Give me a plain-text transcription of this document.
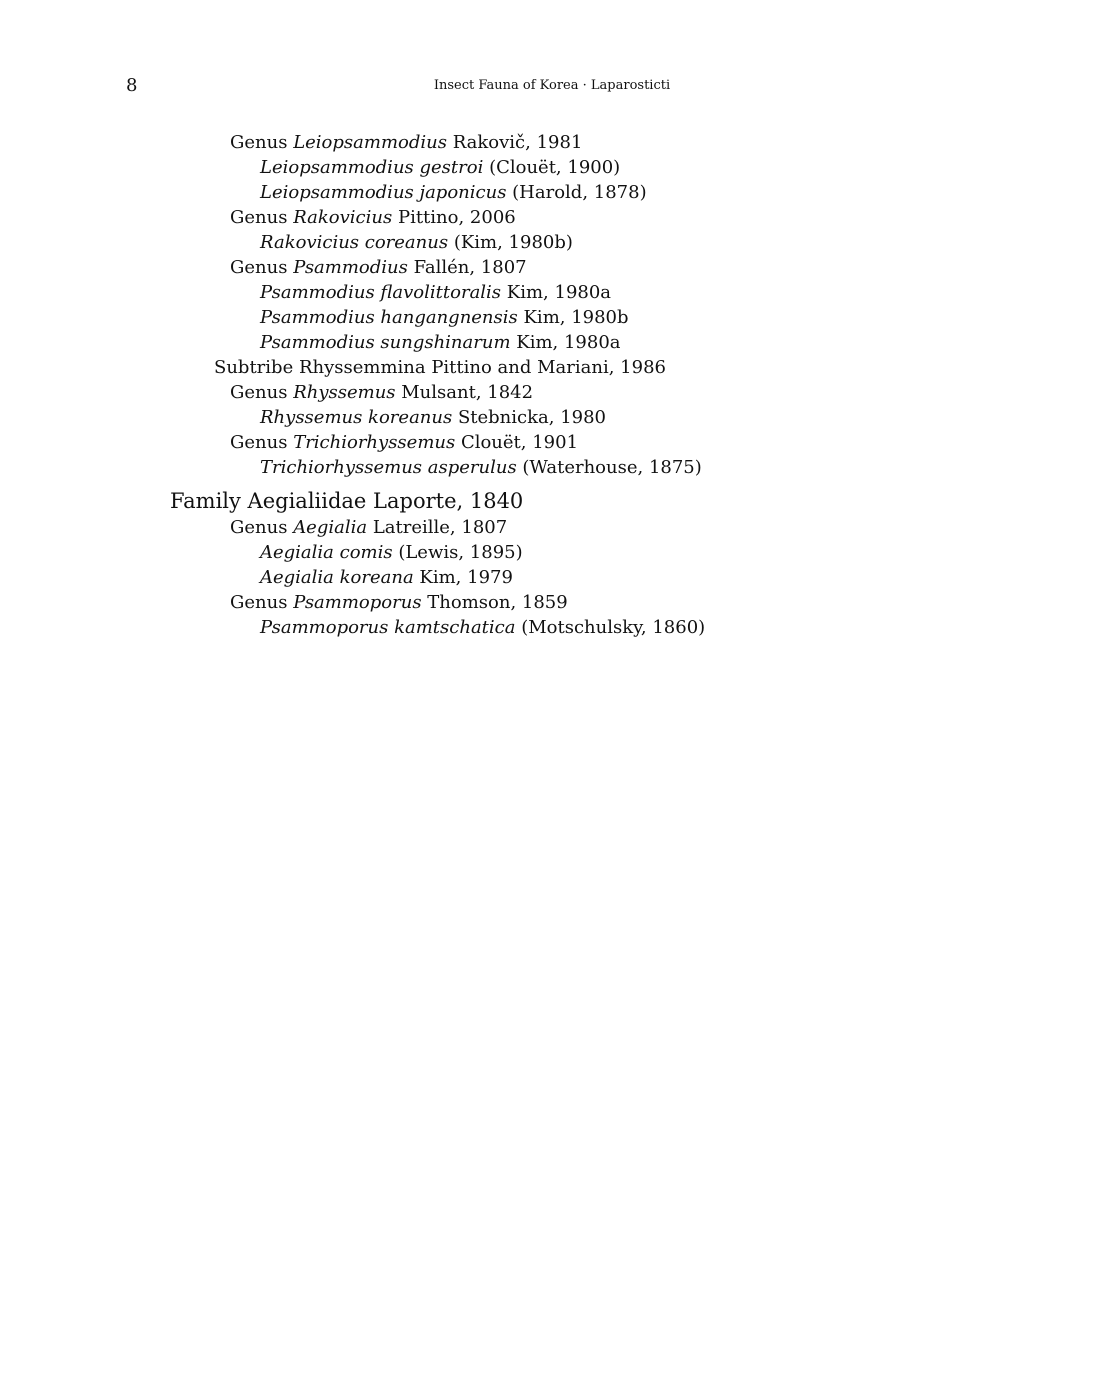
8	Insect Fauna of Korea · Laparosticti
Genus Leiopsammodius Rakovič, 1981
Leiopsammodius gestroi (Clouët, 1900)
Leiopsammodius japonicus (Harold, 1878)
Genus Rakovicius Pittino, 2006
Rakovicius coreanus (Kim, 1980b)
Genus Psammodius Fallén, 1807
Psammodius flavolittoralis Kim, 1980a
Psammodius hangangnensis Kim, 1980b
Psammodius sungshinarum Kim, 1980a
Subtribe Rhyssemmina Pittino and Mariani, 1986
Genus Rhyssemus Mulsant, 1842
Rhyssemus koreanus Stebnicka, 1980
Genus Trichiorhyssemus Clouët, 1901
Trichiorhyssemus asperulus (Waterhouse, 1875)
Family Aegialiidae Laporte, 1840
Genus Aegialia Latreille, 1807
Aegialia comis (Lewis, 1895)
Aegialia koreana Kim, 1979
Genus Psammoporus Thomson, 1859
Psammoporus kamtschatica (Motschulsky, 1860)
